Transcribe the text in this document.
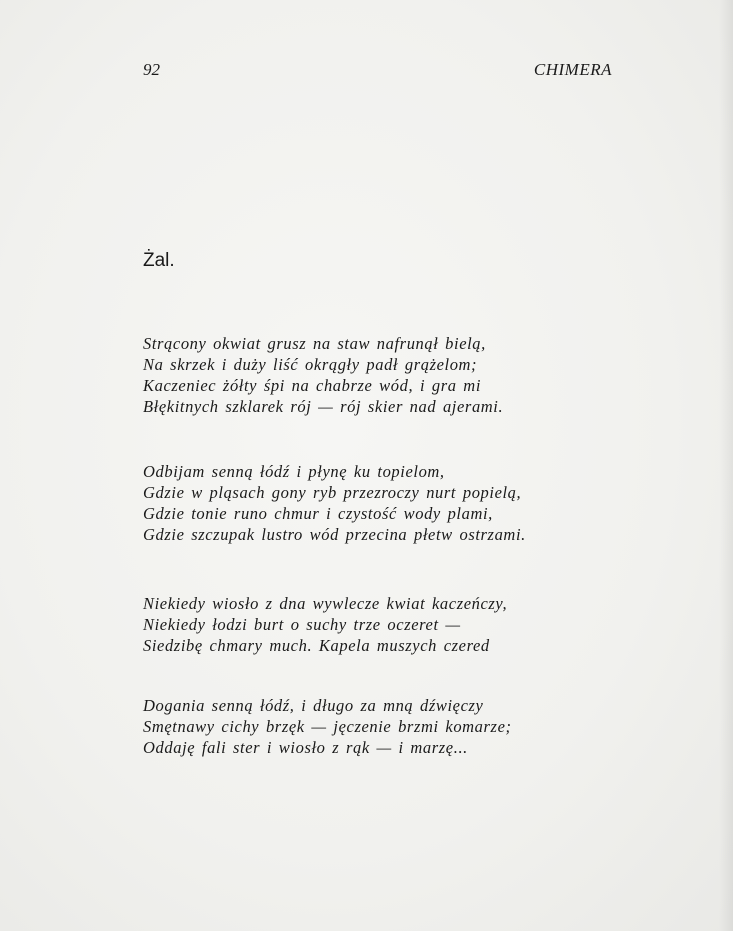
92	CHIMERA
Żal.
Strącony okwiat grusz na staw nafrunął bielą,
Na skrzek i duży liść okrągły padł grążelom;
Kaczeniec żółty śpi na chabrze wód, i gra mi
Błękitnych szklarek rój — rój skier nad ajerami.
Odbijam senną łódź i płynę ku topielom,
Gdzie w pląsach gony ryb przezroczy nurt popielą,
Gdzie tonie runo chmur i czystość wody plami,
Gdzie szczupak lustro wód przecina płetw ostrzami.
Niekiedy wiosło z dna wywlecze kwiat kaczeńczy,
Niekiedy łodzi burt o suchy trze oczeret —
Siedzibę chmary much. Kapela muszych czered
Dogania senną łódź, i długo za mną dźwięczy
Smętnawy cichy brzęk — jęczenie brzmi komarze;
Oddaję fali ster i wiosło z rąk — i marzę...
